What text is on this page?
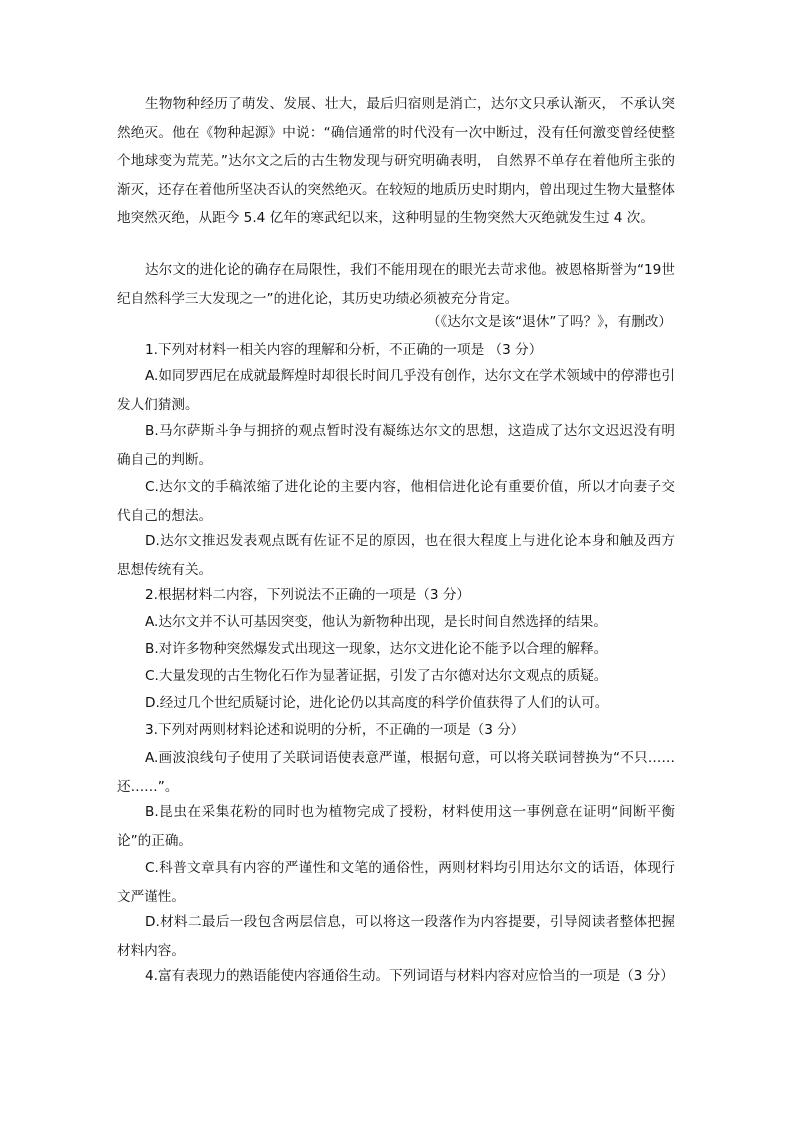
生物物种经历了萌发、发展、壮大，最后归宿则是消亡，达尔文只承认渐灭， 不承认突然绝灭。他在《物种起源》中说：“确信通常的时代没有一次中断过，没有任何激变曾经使整个地球变为荒芜。”达尔文之后的古生物发现与研究明确表明， 自然界不单存在着他所主张的渐灭，还存在着他所坚决否认的突然绝灭。在较短的地质历史时期内，曾出现过生物大量整体地突然灭绝，从距今 5.4 亿年的寒武纪以来，这种明显的生物突然大灭绝就发生过 4 次。
达尔文的进化论的确存在局限性，我们不能用现在的眼光去苛求他。被恩格斯誉为“19世纪自然科学三大发现之一”的进化论，其历史功绩必须被充分肯定。
（《达尔文是该“退休”了吗？》，有删改）
1.下列对材料一相关内容的理解和分析，不正确的一项是 （3 分）
A.如同罗西尼在成就最辉煌时却很长时间几乎没有创作，达尔文在学术领域中的停滞也引发人们猜测。
B.马尔萨斯斗争与拥挤的观点暂时没有凝练达尔文的思想，这造成了达尔文迟迟没有明确自己的判断。
C.达尔文的手稿浓缩了进化论的主要内容，他相信进化论有重要价值，所以才向妻子交代自己的想法。
D.达尔文推迟发表观点既有佐证不足的原因，也在很大程度上与进化论本身和触及西方思想传统有关。
2.根据材料二内容，下列说法不正确的一项是（3 分）
A.达尔文并不认可基因突变，他认为新物种出现，是长时间自然选择的结果。
B.对许多物种突然爆发式出现这一现象，达尔文进化论不能予以合理的解释。
C.大量发现的古生物化石作为显著证据，引发了古尔德对达尔文观点的质疑。
D.经过几个世纪质疑讨论，进化论仍以其高度的科学价值获得了人们的认可。
3.下列对两则材料论述和说明的分析，不正确的一项是（3 分）
A.画波浪线句子使用了关联词语使表意严谨，根据句意，可以将关联词替换为“不只……还……”。
B.昆虫在采集花粉的同时也为植物完成了授粉，材料使用这一事例意在证明“间断平衡论”的正确。
C.科普文章具有内容的严谨性和文笔的通俗性，两则材料均引用达尔文的话语，体现行文严谨性。
D.材料二最后一段包含两层信息，可以将这一段落作为内容提要，引导阅读者整体把握材料内容。
4.富有表现力的熟语能使内容通俗生动。下列词语与材料内容对应恰当的一项是（3 分）
